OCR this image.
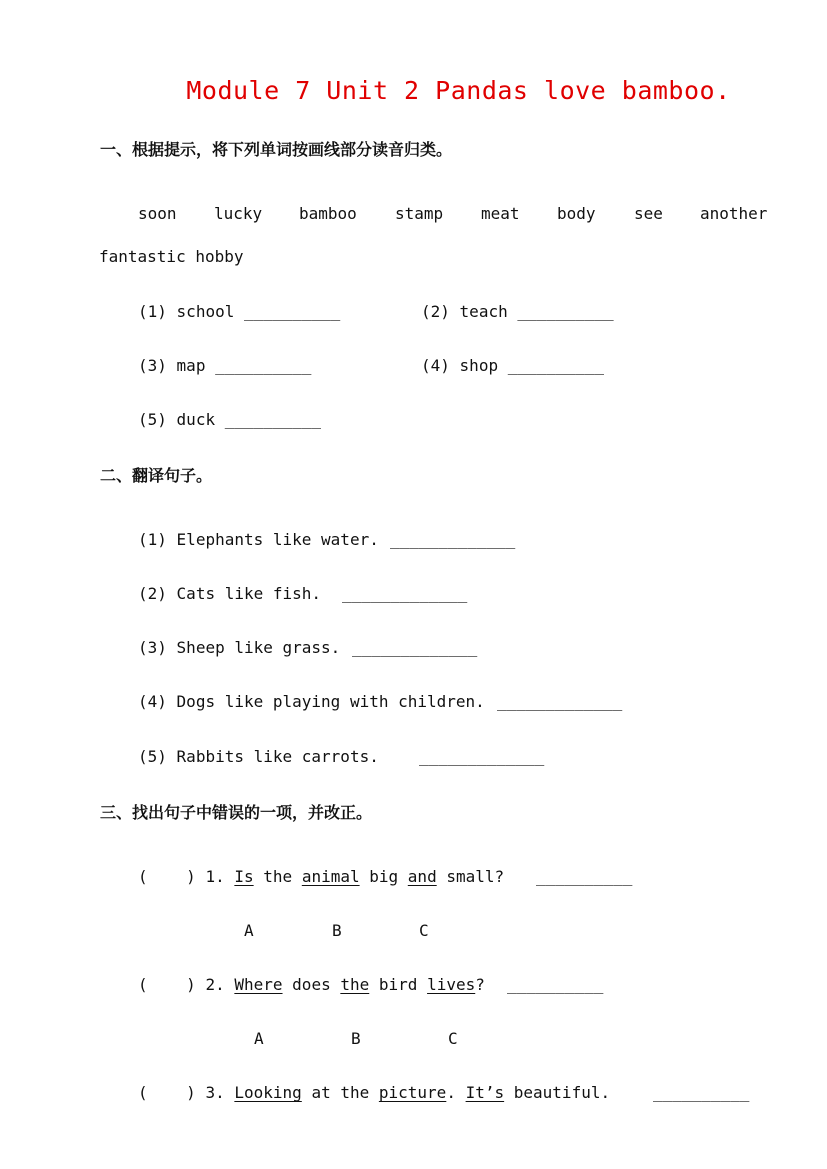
Module 7 Unit 2 Pandas love bamboo.
一、根据提示，将下列单词按画线部分读音归类。
soon lucky bamboo stamp meat body see another
fantastic hobby
(1) school __________	(2) teach __________
(3) map __________	(4) shop __________
(5) duck __________
二、翻译句子。
(1) Elephants like water. _____________
(2) Cats like fish. _____________
(3) Sheep like grass. _____________
(4) Dogs like playing with children. _____________
(5) Rabbits like carrots.	_____________
三、找出句子中错误的一项，并改正。
( ) 1. Is the animal big and small? __________
A	B	C
( ) 2. Where does the bird lives? __________
A	B	C
( ) 3. Looking at the picture. It’s beautiful.	__________
